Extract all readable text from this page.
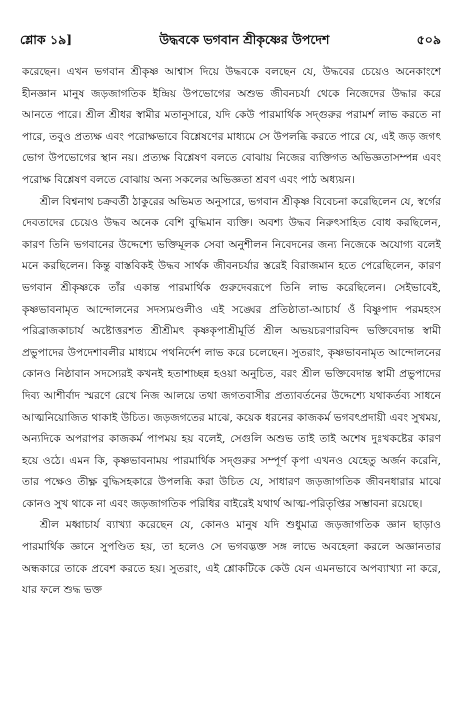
শ্লোক ১৯]	উদ্ধবকে ভগবান শ্রীকৃষ্ণের উপদেশ	৫০৯

করেছেন। এখন ভগবান শ্রীকৃষ্ণ আশ্বাস দিয়ে উদ্ধবকে বলছেন যে, উদ্ধবের চেয়েও অনেকাংশে হীনজ্ঞান মানুষ জড়জাগতিক ইন্দ্রিয় উপভোগের অশুভ জীবনচর্যা থেকে নিজেদের উদ্ধার করে আনতে পারে। শ্রীল শ্রীধর স্বামীর মতানুসারে, যদি কেউ পারমার্থিক সদ্গুরুর পরামর্শ লাভ করতে না পারে, তবুও প্রত্যক্ষ এবং পরোক্ষভাবে বিশ্লেষণের মাধ্যমে সে উপলব্ধি করতে পারে যে, এই জড় জগৎ ভোগ উপভোগের স্থান নয়। প্রত্যক্ষ বিশ্লেষণ বলতে বোঝায় নিজের ব্যক্তিগত অভিজ্ঞতাসম্পন্ন এবং পরোক্ষ বিশ্লেষণ বলতে বোঝায় অন্য সকলের অভিজ্ঞতা শ্রবণ এবং পাঠ অধ্যয়ন।

শ্রীল বিশ্বনাথ চক্রবর্তী ঠাকুরের অভিমত অনুসারে, ভগবান শ্রীকৃষ্ণ বিবেচনা করেছিলেন যে, স্বর্গের দেবতাদের চেয়েও উদ্ধব অনেক বেশি বুদ্ধিমান ব্যক্তি। অবশ্য উদ্ধব নিরুৎসাহিত বোধ করছিলেন, কারণ তিনি ভগবানের উদ্দেশ্যে ভক্তিমূলক সেবা অনুশীলন নিবেদনের জন্য নিজেকে অযোগ্য বলেই মনে করছিলেন। কিন্তু বাস্তবিকই উদ্ধব সার্থক জীবনচর্যার স্তরেই বিরাজমান হতে পেরেছিলেন, কারণ ভগবান শ্রীকৃষ্ণকে তাঁর একান্ত পারমার্থিক গুরুদেবরূপে তিনি লাভ করেছিলেন। সেইভাবেই, কৃষ্ণভাবনামৃত আন্দোলনের সদস্যমণ্ডলীও এই সঙ্ঘের প্রতিষ্ঠাতা-আচার্য ওঁ বিষ্ণুপাদ পরমহংস পরিব্রাজকাচার্য অষ্টোত্তরশত শ্রীশ্রীমৎ কৃষ্ণকৃপাশ্রীমূর্তি শ্রীল অভয়চরণারবিন্দ ভক্তিবেদান্ত স্বামী প্রভুপাদের উপদেশাবলীর মাধ্যমে পথনির্দেশ লাভ করে চলেছেন। সুতরাং, কৃষ্ণভাবনামৃত আন্দোলনের কোনও নিষ্ঠাবান সদস্যেরই কখনই হতাশাচ্ছন্ন হওয়া অনুচিত, বরং শ্রীল ভক্তিবেদান্ত স্বামী প্রভুপাদের দিব্য আশীর্বাদ স্মরণে রেখে নিজ আলয়ে তথা জগতবাসীর প্রত্যাবর্তনের উদ্দেশ্যে যথাকর্তব্য সাধনে আত্মনিয়োজিত থাকাই উচিত। জড়জগতের মাঝে, কয়েক ধরনের কাজকর্ম ভগবৎপ্রদায়ী এবং সুখময়, অন্যদিকে অপরাপর কাজকর্ম পাপময় হয় বলেই, সেগুলি অশুভ তাই তাই অশেষ দুঃখকষ্টের কারণ হয়ে ওঠে। এমন কি, কৃষ্ণভাবনাময় পারমার্থিক সদ্গুরুর সম্পূর্ণ কৃপা এখনও যেহেতু অর্জন করেনি, তার পক্ষেও তীক্ষ্ণ বুদ্ধিসহকারে উপলব্ধি করা উচিত যে, সাধারণ জড়জাগতিক জীবনধারার মাঝে কোনও সুখ থাকে না এবং জড়জাগতিক পরিধির বাইরেই যথার্থ আত্ম-পরিতৃপ্তির সম্ভাবনা রয়েছে।

শ্রীল মধ্বাচার্য ব্যাখ্যা করেছেন যে, কোনও মানুষ যদি শুধুমাত্র জড়জাগতিক জ্ঞান ছাড়াও পারমার্থিক জ্ঞানে সুপণ্ডিত হয়, তা হলেও সে ভগবদ্ভক্ত সঙ্গ লাভে অবহেলা করলে অজ্ঞানতার অন্ধকারে তাকে প্রবেশ করতে হয়। সুতরাং, এই শ্লোকটিকে কেউ যেন এমনভাবে অপব্যাখ্যা না করে, যার ফলে শুদ্ধ ভক্ত
